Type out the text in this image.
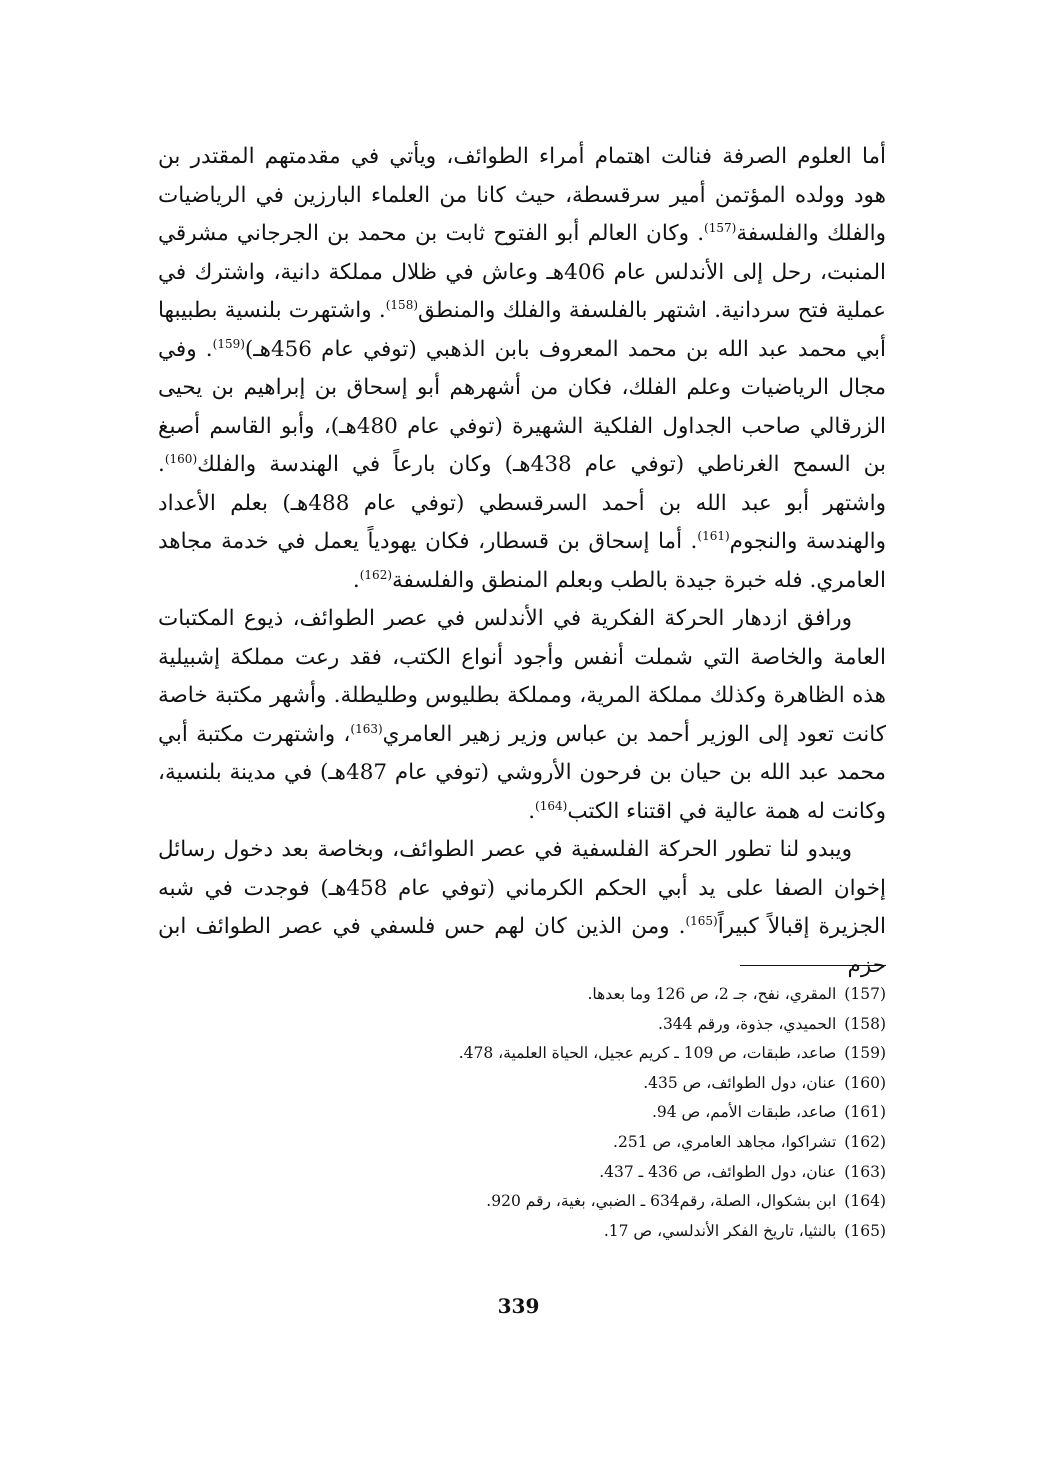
أما العلوم الصرفة فنالت اهتمام أمراء الطوائف، ويأتي في مقدمتهم المقتدر بن هود وولده المؤتمن أمير سرقسطة، حيث كانا من العلماء البارزين في الرياضيات والفلك والفلسفة$^{(157)}$. وكان العالم أبو الفتوح ثابت بن محمد بن الجرجاني مشرقي المنبت، رحل إلى الأندلس عام 406هـ وعاش في ظلال مملكة دانية، واشترك في عملية فتح سردانية. اشتهر بالفلسفة والفلك والمنطق$^{(158)}$. واشتهرت بلنسية بطبيبها أبي محمد عبد الله بن محمد المعروف بابن الذهبي (توفي عام 456هـ)$^{(159)}$. وفي مجال الرياضيات وعلم الفلك، فكان من أشهرهم أبو إسحاق بن إبراهيم بن يحيى الزرقالي صاحب الجداول الفلكية الشهيرة (توفي عام 480هـ)، وأبو القاسم أصبغ بن السمح الغرناطي (توفي عام 438هـ) وكان بارعاً في الهندسة والفلك$^{(160)}$. واشتهر أبو عبد الله بن أحمد السرقسطي (توفي عام 488هـ) بعلم الأعداد والهندسة والنجوم$^{(161)}$. أما إسحاق بن قسطار، فكان يهودياً يعمل في خدمة مجاهد العامري. فله خبرة جيدة بالطب وبعلم المنطق والفلسفة$^{(162)}$.

ورافق ازدهار الحركة الفكرية في الأندلس في عصر الطوائف، ذيوع المكتبات العامة والخاصة التي شملت أنفس وأجود أنواع الكتب، فقد رعت مملكة إشبيلية هذه الظاهرة وكذلك مملكة المرية، ومملكة بطليوس وطليطلة. وأشهر مكتبة خاصة كانت تعود إلى الوزير أحمد بن عباس وزير زهير العامري$^{(163)}$، واشتهرت مكتبة أبي محمد عبد الله بن حيان بن فرحون الأروشي (توفي عام 487هـ) في مدينة بلنسية، وكانت له همة عالية في اقتناء الكتب$^{(164)}$.

ويبدو لنا تطور الحركة الفلسفية في عصر الطوائف، وبخاصة بعد دخول رسائل إخوان الصفا على يد أبي الحكم الكرماني (توفي عام 458هـ) فوجدت في شبه الجزيرة إقبالاً كبيراً$^{(165)}$. ومن الذين كان لهم حس فلسفي في عصر الطوائف ابن حزم

(157)المقري، نفح، جـ 2، ص 126 وما بعدها.
(158)الحميدي، جذوة، ورقم 344.
(159)صاعد، طبقات، ص 109 ـ كريم عجيل، الحياة العلمية، 478.
(160)عنان، دول الطوائف، ص 435.
(161)صاعد، طبقات الأمم، ص 94.
(162)تشراكوا، مجاهد العامري، ص 251.
(163)عنان، دول الطوائف، ص 436 ـ 437.
(164)ابن بشكوال، الصلة، رقم634 ـ الضبي، بغية، رقم 920.
(165)بالنثيا، تاريخ الفكر الأندلسي، ص 17.
339
